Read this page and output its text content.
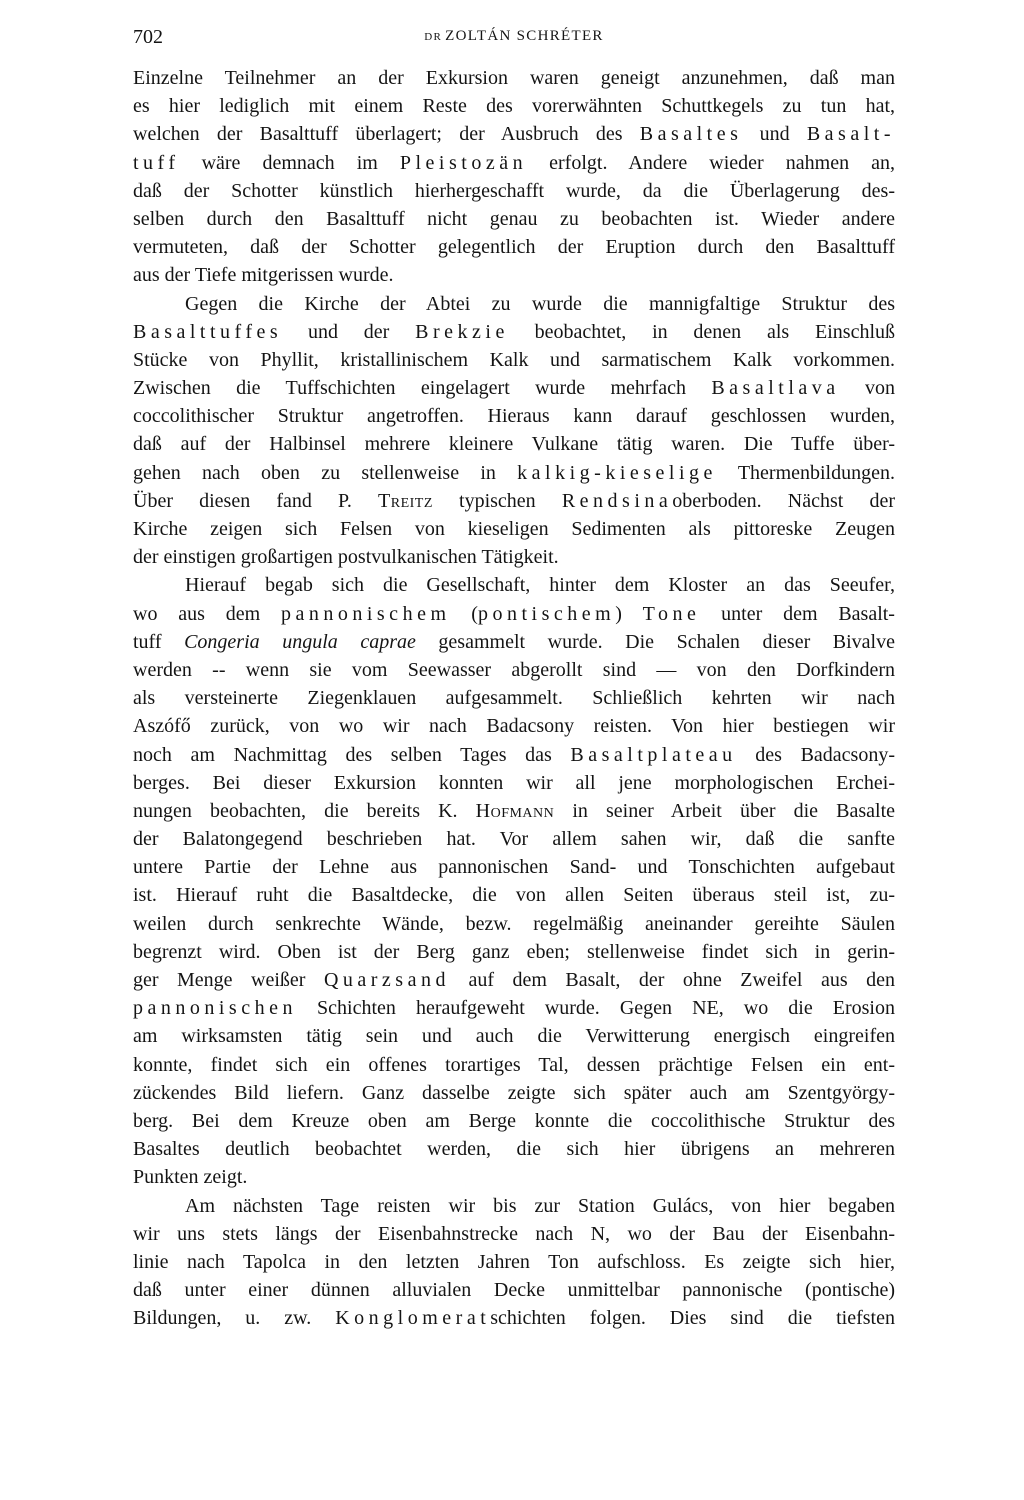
702	DR ZOLTÁN SCHRÉTER
Einzelne Teilnehmer an der Exkursion waren geneigt anzunehmen, daß man
es hier lediglich mit einem Reste des vorerwähnten Schuttkegels zu tun hat,
welchen der Basalttuff überlagert; der Ausbruch des Basaltes und Basalt-
tuff wäre demnach im Pleistozän erfolgt. Andere wieder nahmen an,
daß der Schotter künstlich hierhergeschafft wurde, da die Überlagerung des-
selben durch den Basalttuff nicht genau zu beobachten ist. Wieder andere
vermuteten, daß der Schotter gelegentlich der Eruption durch den Basalttuff
aus der Tiefe mitgerissen wurde.
Gegen die Kirche der Abtei zu wurde die mannigfaltige Struktur des
Basalttuffes und der Brekzie beobachtet, in denen als Einschluß
Stücke von Phyllit, kristallinischem Kalk und sarmatischem Kalk vorkommen.
Zwischen die Tuffschichten eingelagert wurde mehrfach Basaltlava von
coccolithischer Struktur angetroffen. Hieraus kann darauf geschlossen wurden,
daß auf der Halbinsel mehrere kleinere Vulkane tätig waren. Die Tuffe über-
gehen nach oben zu stellenweise in kalkig-kieselige Thermenbildungen.
Über diesen fand P. Treitz typischen Rendsinaoberboden. Nächst der
Kirche zeigen sich Felsen von kieseligen Sedimenten als pittoreske Zeugen
der einstigen großartigen postvulkanischen Tätigkeit.
Hierauf begab sich die Gesellschaft, hinter dem Kloster an das Seeufer,
wo aus dem pannonischem (pontischem) Tone unter dem Basalt-
tuff Congeria ungula caprae gesammelt wurde. Die Schalen dieser Bivalve
werden -- wenn sie vom Seewasser abgerollt sind — von den Dorfkindern
als versteinerte Ziegenklauen aufgesammelt. Schließlich kehrten wir nach
Aszófő zurück, von wo wir nach Badacsony reisten. Von hier bestiegen wir
noch am Nachmittag des selben Tages das Basaltplateau des Badacsony-
berges. Bei dieser Exkursion konnten wir all jene morphologischen Erchei-
nungen beobachten, die bereits K. Hofmann in seiner Arbeit über die Basalte
der Balatongegend beschrieben hat. Vor allem sahen wir, daß die sanfte
untere Partie der Lehne aus pannonischen Sand- und Tonschichten aufgebaut
ist. Hierauf ruht die Basaltdecke, die von allen Seiten überaus steil ist, zu-
weilen durch senkrechte Wände, bezw. regelmäßig aneinander gereihte Säulen
begrenzt wird. Oben ist der Berg ganz eben; stellenweise findet sich in gerin-
ger Menge weißer Quarzsand auf dem Basalt, der ohne Zweifel aus den
pannonischen Schichten heraufgeweht wurde. Gegen NE, wo die Erosion
am wirksamsten tätig sein und auch die Verwitterung energisch eingreifen
konnte, findet sich ein offenes torartiges Tal, dessen prächtige Felsen ein ent-
zückendes Bild liefern. Ganz dasselbe zeigte sich später auch am Szentgyörgy-
berg. Bei dem Kreuze oben am Berge konnte die coccolithische Struktur des
Basaltes deutlich beobachtet werden, die sich hier übrigens an mehreren
Punkten zeigt.
Am nächsten Tage reisten wir bis zur Station Gulács, von hier begaben
wir uns stets längs der Eisenbahnstrecke nach N, wo der Bau der Eisenbahn-
linie nach Tapolca in den letzten Jahren Ton aufschloss. Es zeigte sich hier,
daß unter einer dünnen alluvialen Decke unmittelbar pannonische (pontische)
Bildungen, u. zw. Konglomeratschichten folgen. Dies sind die tiefsten
